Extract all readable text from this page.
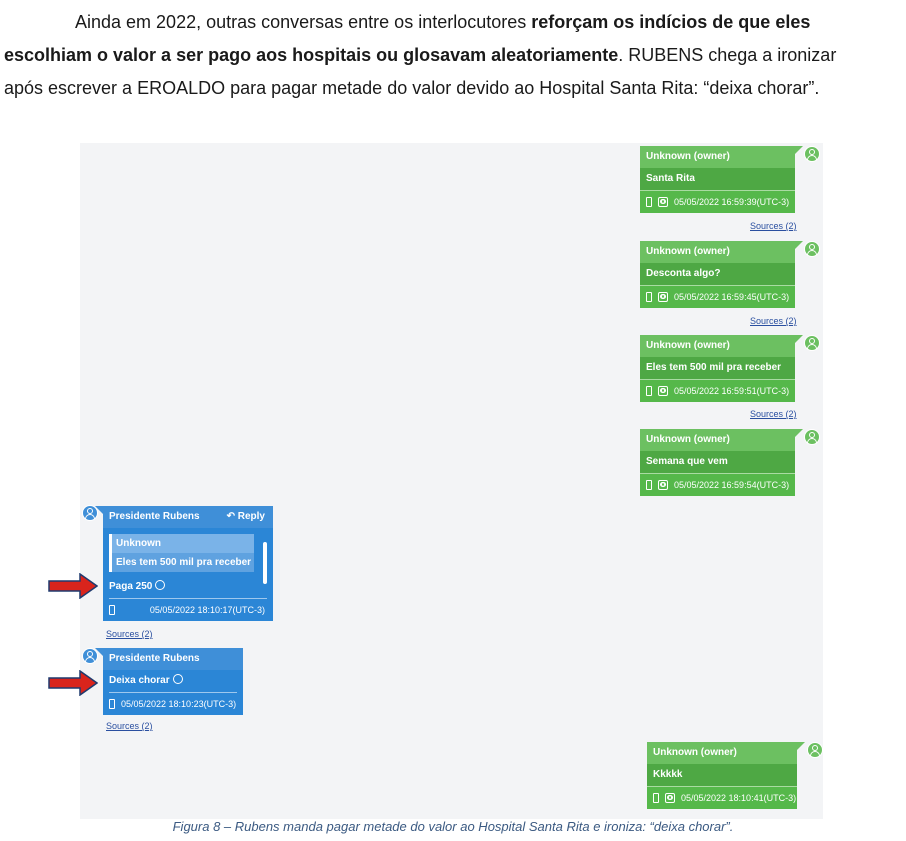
Ainda em 2022, outras conversas entre os interlocutores reforçam os indícios de que eles
escolhiam o valor a ser pago aos hospitais ou glosavam aleatoriamente. RUBENS chega a ironizar
após escrever a EROALDO para pagar metade do valor devido ao Hospital Santa Rita: “deixa chorar”.
Unknown (owner)
Santa Rita
05/05/2022 16:59:39(UTC-3)
Sources (2)
Unknown (owner)
Desconta algo?
05/05/2022 16:59:45(UTC-3)
Sources (2)
Unknown (owner)
Eles tem 500 mil pra receber
05/05/2022 16:59:51(UTC-3)
Sources (2)
Unknown (owner)
Semana que vem
05/05/2022 16:59:54(UTC-3)
Presidente Rubens	↶ Reply
Unknown
Eles tem 500 mil pra receber
Paga 250
05/05/2022 18:10:17(UTC-3)
Sources (2)
Presidente Rubens
Deixa chorar
05/05/2022 18:10:23(UTC-3)
Sources (2)
Unknown (owner)
Kkkkk
05/05/2022 18:10:41(UTC-3)
Figura 8 – Rubens manda pagar metade do valor ao Hospital Santa Rita e ironiza: “deixa chorar”.
